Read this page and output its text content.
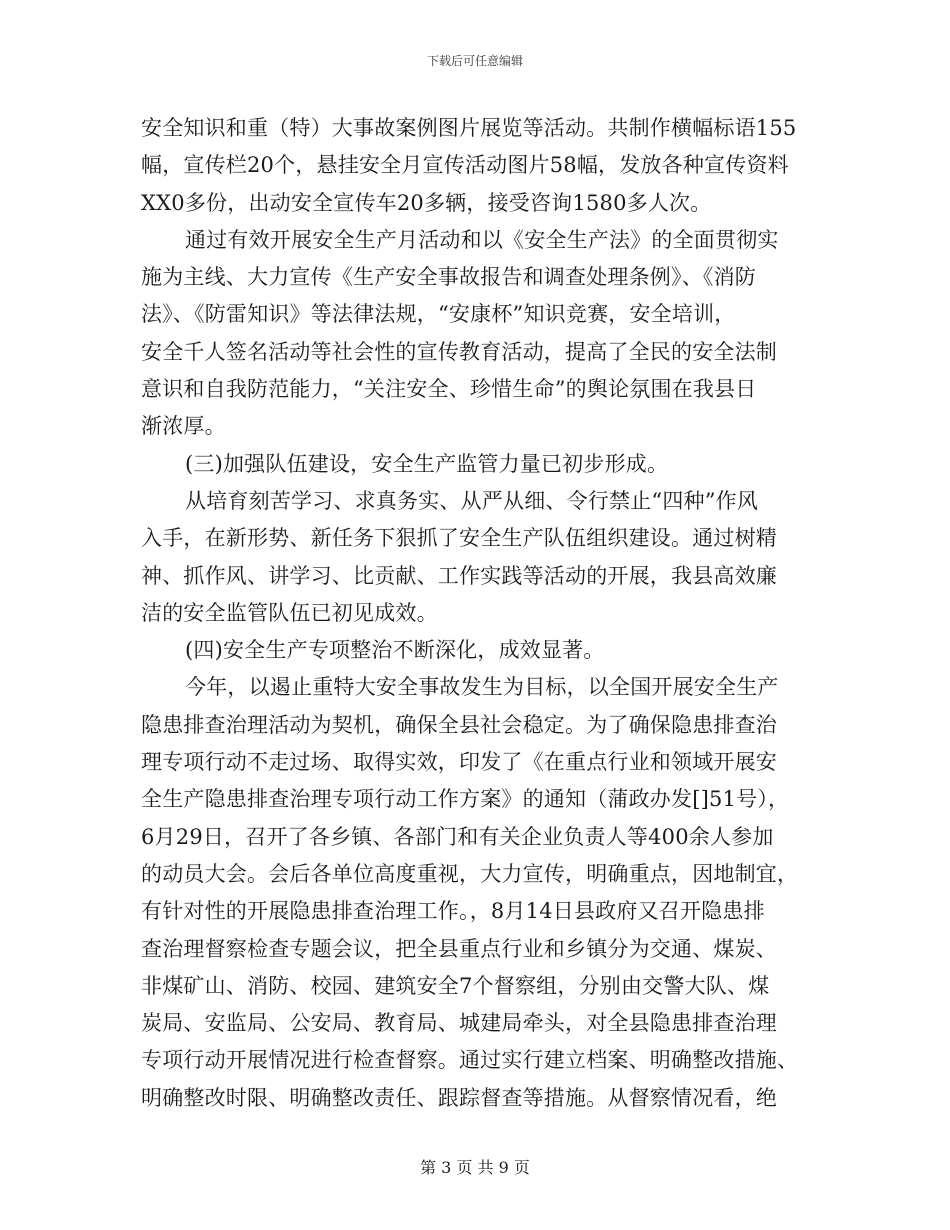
下载后可任意编辑
安全知识和重（特）大事故案例图片展览等活动。共制作横幅标语155
幅，宣传栏20个，悬挂安全月宣传活动图片58幅，发放各种宣传资料
XX0多份，出动安全宣传车20多辆，接受咨询1580多人次。
通过有效开展安全生产月活动和以《安全生产法》的全面贯彻实
施为主线、大力宣传《生产安全事故报告和调查处理条例》、《消防
法》、《防雷知识》等法律法规，“安康杯”知识竞赛，安全培训，
安全千人签名活动等社会性的宣传教育活动，提高了全民的安全法制
意识和自我防范能力，“关注安全、珍惜生命”的舆论氛围在我县日
渐浓厚。
(三)加强队伍建设，安全生产监管力量已初步形成。
从培育刻苦学习、求真务实、从严从细、令行禁止“四种”作风
入手，在新形势、新任务下狠抓了安全生产队伍组织建设。通过树精
神、抓作风、讲学习、比贡献、工作实践等活动的开展，我县高效廉
洁的安全监管队伍已初见成效。
(四)安全生产专项整治不断深化，成效显著。
今年，以遏止重特大安全事故发生为目标，以全国开展安全生产
隐患排查治理活动为契机，确保全县社会稳定。为了确保隐患排查治
理专项行动不走过场、取得实效，印发了《在重点行业和领域开展安
全生产隐患排查治理专项行动工作方案》的通知（蒲政办发[]51号），
6月29日，召开了各乡镇、各部门和有关企业负责人等400余人参加
的动员大会。会后各单位高度重视，大力宣传，明确重点，因地制宜，
有针对性的开展隐患排查治理工作。，8月14日县政府又召开隐患排
查治理督察检查专题会议，把全县重点行业和乡镇分为交通、煤炭、
非煤矿山、消防、校园、建筑安全7个督察组，分别由交警大队、煤
炭局、安监局、公安局、教育局、城建局牵头，对全县隐患排查治理
专项行动开展情况进行检查督察。通过实行建立档案、明确整改措施、
明确整改时限、明确整改责任、跟踪督查等措施。从督察情况看，绝
第 3 页 共 9 页
